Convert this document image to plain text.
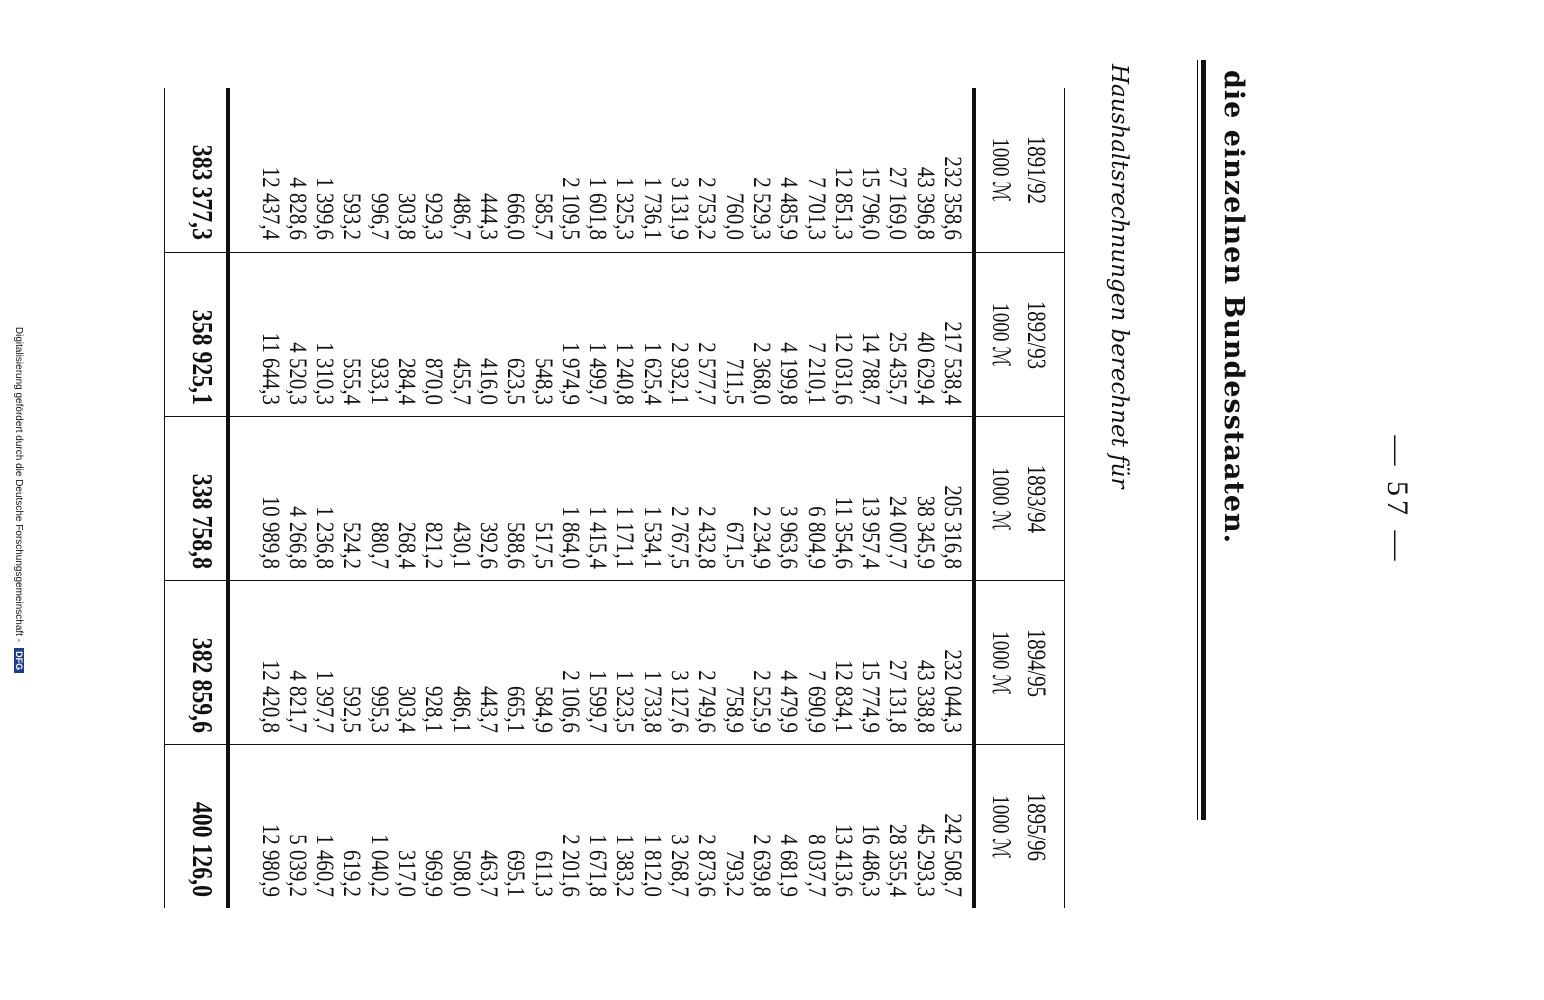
— 57 —
die einzelnen Bundesstaaten.
Haushaltsrechnungen berechnet für
1891/92
1000 ℳ
232 358,6
43 396,8
27 169,0
15 796,0
12 851,3
7 701,3
4 485,9
2 529,3
760,0
2 753,2
3 131,9
1 736,1
1 325,3
1 601,8
2 109,5
585,7
666,0
444,3
486,7
929,3
303,8
996,7
593,2
1 399,6
4 828,6
12 437,4
383 377,3
1892/93
1000 ℳ
217 538,4
40 629,4
25 435,7
14 788,7
12 031,6
7 210,1
4 199,8
2 368,0
711,5
2 577,7
2 932,1
1 625,4
1 240,8
1 499,7
1 974,9
548,3
623,5
416,0
455,7
870,0
284,4
933,1
555,4
1 310,3
4 520,3
11 644,3
358 925,1
1893/94
1000 ℳ
205 316,8
38 345,9
24 007,7
13 957,4
11 354,6
6 804,9
3 963,6
2 234,9
671,5
2 432,8
2 767,5
1 534,1
1 171,1
1 415,4
1 864,0
517,5
588,6
392,6
430,1
821,2
268,4
880,7
524,2
1 236,8
4 266,8
10 989,8
338 758,8
1894/95
1000 ℳ
232 044,3
43 338,8
27 131,8
15 774,9
12 834,1
7 690,9
4 479,9
2 525,9
758,9
2 749,6
3 127,6
1 733,8
1 323,5
1 599,7
2 106,6
584,9
665,1
443,7
486,1
928,1
303,4
995,3
592,5
1 397,7
4 821,7
12 420,8
382 859,6
1895/96
1000 ℳ
242 508,7
45 293,3
28 355,4
16 486,3
13 413,6
8 037,7
4 681,9
2 639,8
793,2
2 873,6
3 268,7
1 812,0
1 383,2
1 671,8
2 201,6
611,3
695,1
463,7
508,0
969,9
317,0
1 040,2
619,2
1 460,7
5 039,2
12 980,9
400 126,0
Digitalisierung gefördert durch die Deutsche Forschungsgemeinschaft -DFG
